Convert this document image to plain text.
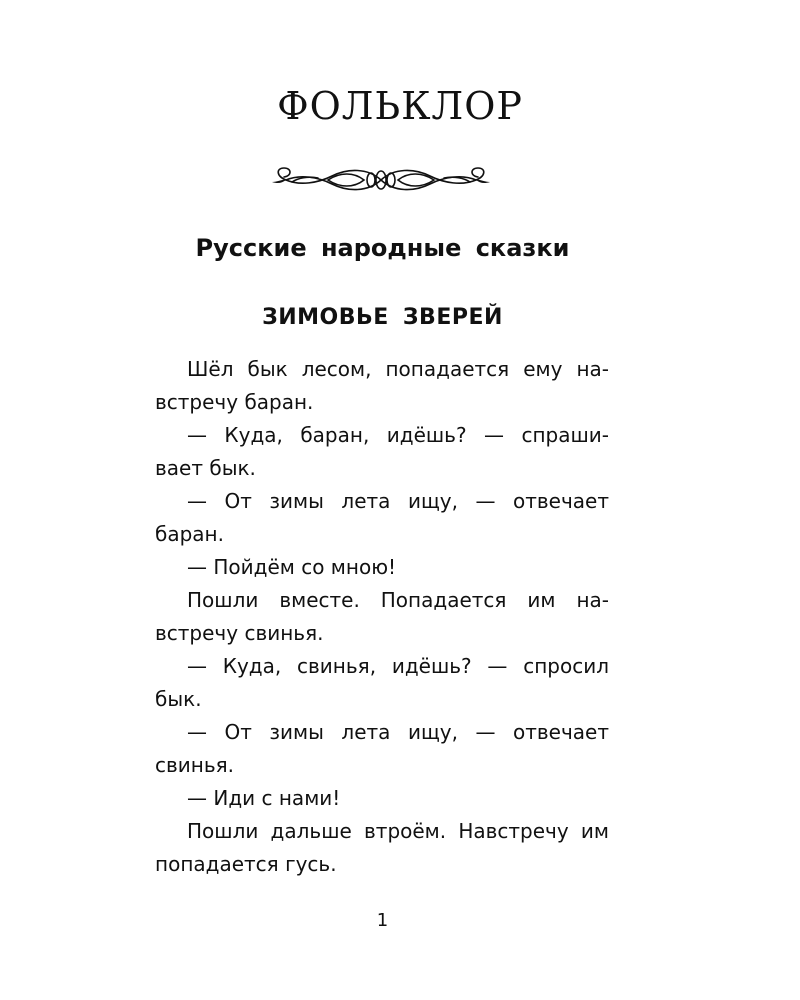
ФОЛЬКЛОР
Русские народные сказки
ЗИМОВЬЕ ЗВЕРЕЙ
Шёл бык лесом, попадается ему на-
встречу баран.
— Куда, баран, идёшь? — спраши-
вает бык.
— От зимы лета ищу, — отвечает
баран.
— Пойдём со мною!
Пошли вместе. Попадается им на-
встречу свинья.
— Куда, свинья, идёшь? — спросил
бык.
— От зимы лета ищу, — отвечает
свинья.
— Иди с нами!
Пошли дальше втроём. Навстречу им
попадается гусь.
1
